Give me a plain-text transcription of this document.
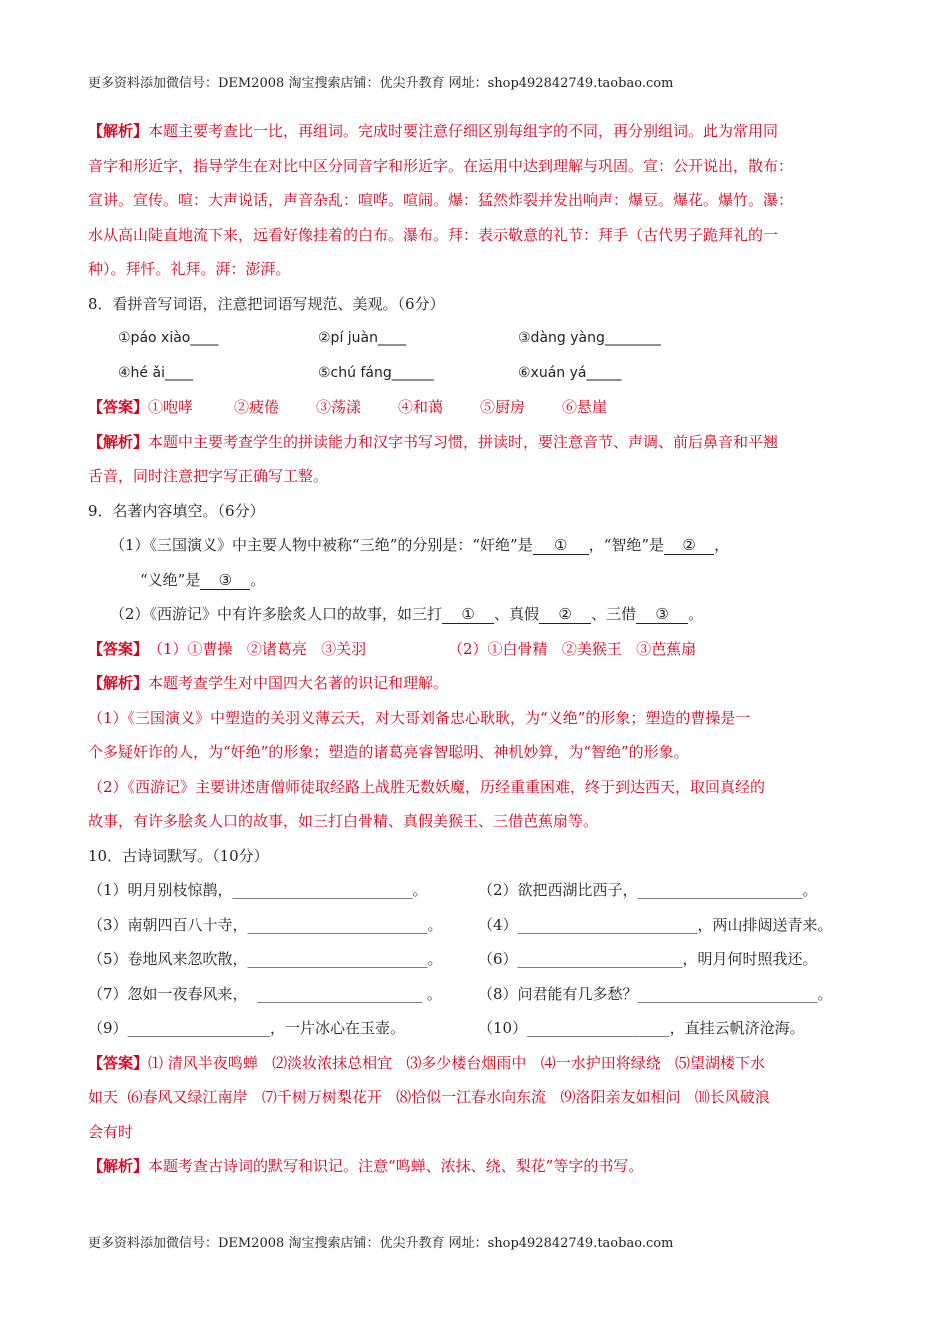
更多资料添加微信号：DEM2008 淘宝搜索店铺：优尖升教育 网址：shop492842749.taobao.com
【解析】本题主要考查比一比，再组词。完成时要注意仔细区别每组字的不同，再分别组词。此为常用同
音字和形近字，指导学生在对比中区分同音字和形近字。在运用中达到理解与巩固。宣：公开说出，散布：
宣讲。宣传。喧：大声说话，声音杂乱：喧哗。喧闹。爆：猛然炸裂并发出响声：爆豆。爆花。爆竹。瀑：
水从高山陡直地流下来，远看好像挂着的白布。瀑布。拜：表示敬意的礼节：拜手（古代男子跪拜礼的一
种）。拜忏。礼拜。湃：澎湃。
8．看拼音写词语，注意把词语写规范、美观。（6分）
①páo xiào____	②pí juàn____	③dàng yàng________
④hé ǎi____	⑤chú fáng______	⑥xuán yá_____
【答案】①咆哮	②疲倦 ③荡漾 ④和蔼 ⑤厨房 ⑥悬崖
【解析】本题中主要考查学生的拼读能力和汉字书写习惯，拼读时，要注意音节、声调、前后鼻音和平翘
舌音，同时注意把字写正确写工整。
9．名著内容填空。（6分）
（1）《三国演义》中主要人物中被称“三绝”的分别是：“奸绝”是 ① ，“智绝”是 ② ，
“义绝”是 ③ 。
（2）《西游记》中有许多脍炙人口的故事，如三打 ① 、真假 ② 、三借 ③ 。
【答案】（1）①曹操   ②诸葛亮   ③关羽	（2）①白骨精   ②美猴王   ③芭蕉扇
【解析】本题考查学生对中国四大名著的识记和理解。
（1）《三国演义》中塑造的关羽义薄云天，对大哥刘备忠心耿耿，为“义绝”的形象；塑造的曹操是一
个多疑奸诈的人，为“奸绝”的形象；塑造的诸葛亮睿智聪明、神机妙算，为“智绝”的形象。
（2）《西游记》主要讲述唐僧师徒取经路上战胜无数妖魔，历经重重困难，终于到达西天，取回真经的
故事，有许多脍炙人口的故事，如三打白骨精、真假美猴王、三借芭蕉扇等。
10．古诗词默写。（10分）
（1）明月别枝惊鹊，________________________。	（2）欲把西湖比西子，______________________。
（3）南朝四百八十寺，________________________。 （4）________________________，两山排闼送青来。
（5）卷地风来忽吹散，________________________。 （6）______________________，明月何时照我还。
（7）忽如一夜春风来，  ______________________ 。 （8）问君能有几多愁？________________________。
（9）___________________，一片冰心在玉壶。	（10）___________________，直挂云帆济沧海。
【答案】⑴ 清风半夜鸣蝉   ⑵淡妆浓抹总相宜   ⑶多少楼台烟雨中   ⑷一水护田将绿绕   ⑸望湖楼下水
如天  ⑹春风又绿江南岸   ⑺千树万树梨花开   ⑻恰似一江春水向东流   ⑼洛阳亲友如相问   ⑽长风破浪
会有时
【解析】本题考查古诗词的默写和识记。注意“鸣蝉、浓抹、绕、梨花”等字的书写。
更多资料添加微信号：DEM2008 淘宝搜索店铺：优尖升教育 网址：shop492842749.taobao.com
